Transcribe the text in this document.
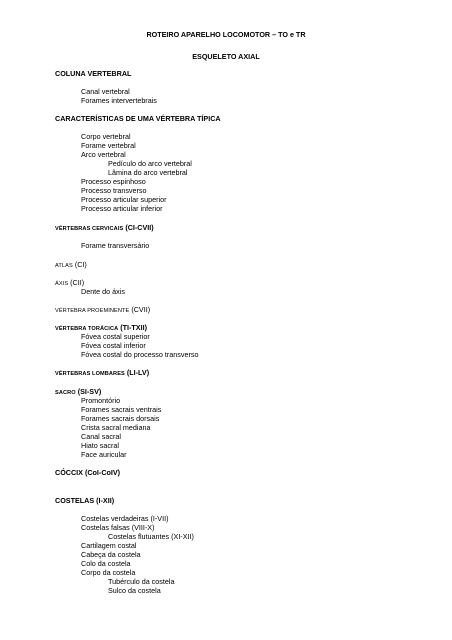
ROTEIRO APARELHO LOCOMOTOR – TO e TR
ESQUELETO AXIAL
COLUNA VERTEBRAL
Canal vertebral
Forames intervertebrais
CARACTERÍSTICAS DE UMA VÉRTEBRA TÍPICA
Corpo vertebral
Forame vertebral
Arco vertebral
Pedículo do arco vertebral
Lâmina do arco vertebral
Processo espinhoso
Processo transverso
Processo articular superior
Processo articular inferior
VÉRTEBRAS CERVICAIS (CI-CVII)
Forame transversário
ATLAS (CI)
ÁXIS (CII)
Dente do áxis
VÉRTEBRA PROEMINENTE (CVII)
VÉRTEBRA TORÁCICA (TI-TXII)
Fóvea costal superior
Fóvea costal inferior
Fóvea costal do processo transverso
VÉRTEBRAS LOMBARES (LI-LV)
SACRO (SI-SV)
Promontório
Forames sacrais ventrais
Forames sacrais dorsais
Crista sacral mediana
Canal sacral
Hiato sacral
Face auricular
CÓCCIX (CoI-CoIV)
COSTELAS (I-XII)
Costelas verdadeiras (I-VII)
Costelas falsas (VIII-X)
Costelas flutuantes (XI-XII)
Cartilagem costal
Cabeça da costela
Colo da costela
Corpo da costela
Tubérculo da costela
Sulco da costela
